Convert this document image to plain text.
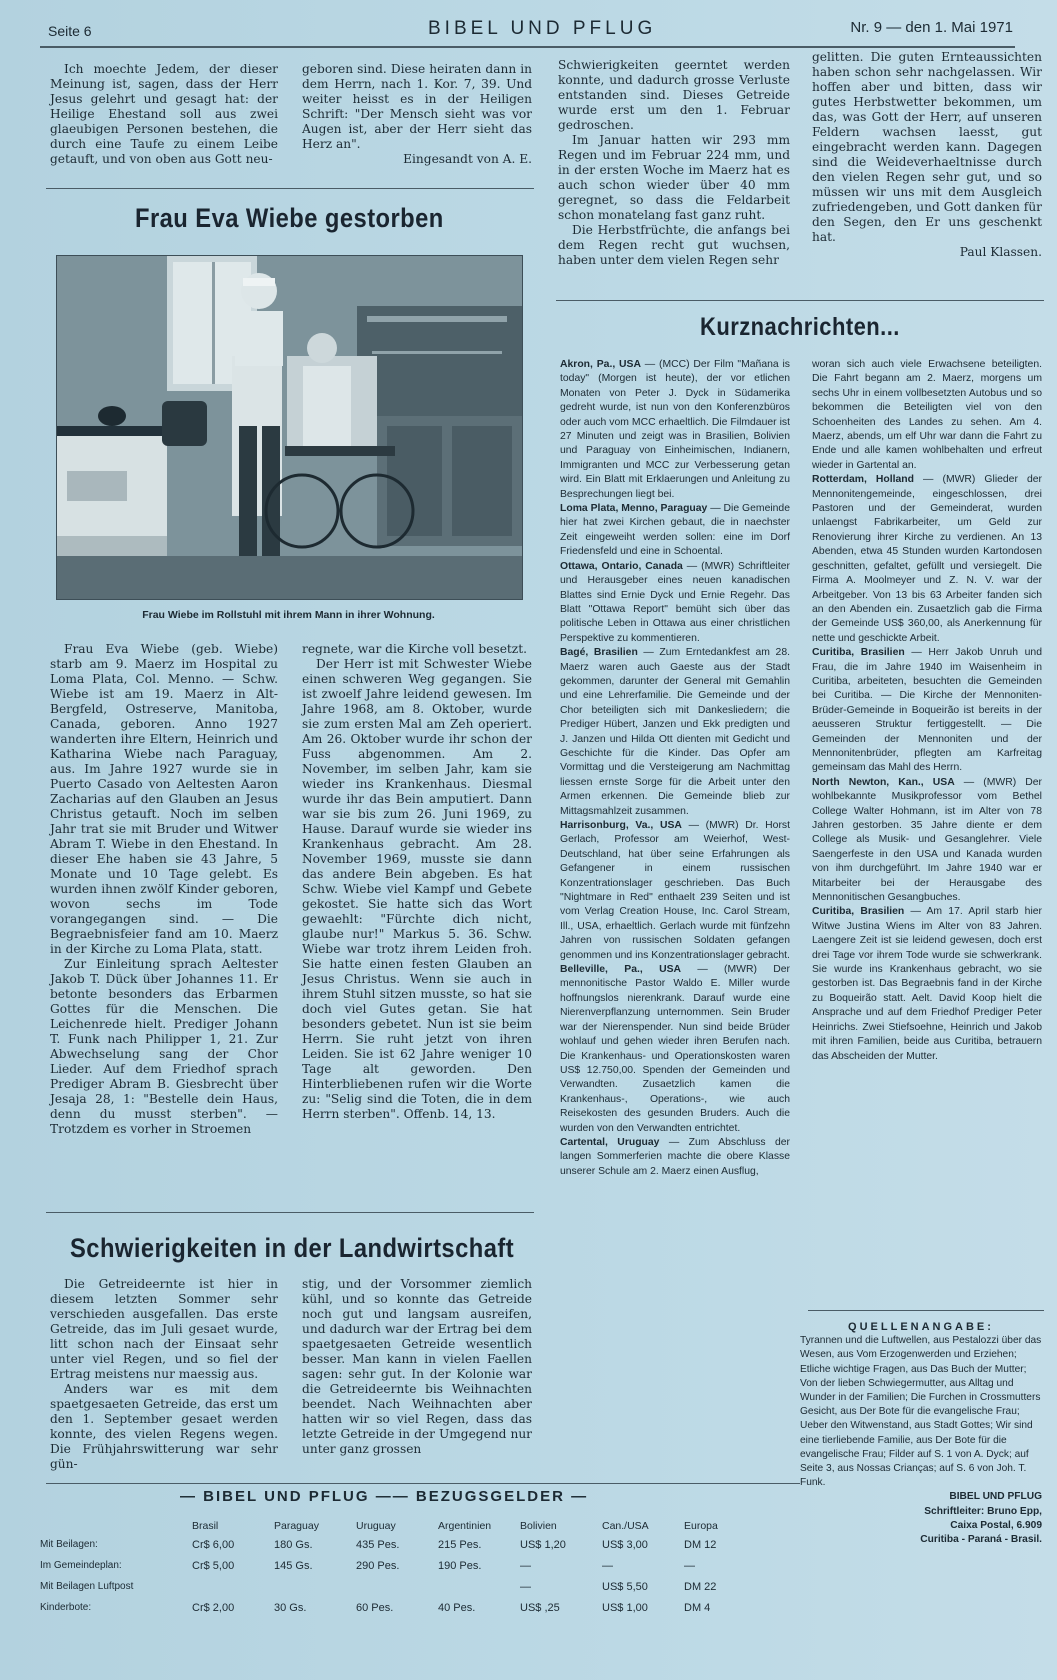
Seite 6	BIBEL UND PFLUG	Nr. 9 — den 1. Mai 1971

Ich moechte Jedem, der dieser Meinung ist, sagen, dass der Herr Jesus gelehrt und gesagt hat: der Heilige Ehestand soll aus zwei glaeubigen Personen bestehen, die durch eine Taufe zu einem Leibe getauft, und von oben aus Gott neu-

geboren sind. Diese heiraten dann in dem Herrn, nach 1. Kor. 7, 39. Und weiter heisst es in der Heiligen Schrift: "Der Mensch sieht was vor Augen ist, aber der Herr sieht das Herz an".

Eingesandt von A. E.

Schwierigkeiten geerntet werden konnte, und dadurch grosse Verluste entstanden sind. Dieses Getreide wurde erst um den 1. Februar gedroschen.

Im Januar hatten wir 293 mm Regen und im Februar 224 mm, und in der ersten Woche im Maerz hat es auch schon wieder über 40 mm geregnet, so dass die Feldarbeit schon monatelang fast ganz ruht.

Die Herbstfrüchte, die anfangs bei dem Regen recht gut wuchsen, haben unter dem vielen Regen sehr

gelitten. Die guten Ernteaussichten haben schon sehr nachgelassen. Wir hoffen aber und bitten, dass wir gutes Herbstwetter bekommen, um das, was Gott der Herr, auf unseren Feldern wachsen laesst, gut eingebracht werden kann. Dagegen sind die Weideverhaeltnisse durch den vielen Regen sehr gut, und so müssen wir uns mit dem Ausgleich zufriedengeben, und Gott danken für den Segen, den Er uns geschenkt hat.

Paul Klassen.
Frau Eva Wiebe gestorben
Frau Wiebe im Rollstuhl mit ihrem Mann in ihrer Wohnung.

Frau Eva Wiebe (geb. Wiebe) starb am 9. Maerz im Hospital zu Loma Plata, Col. Menno. — Schw. Wiebe ist am 19. Maerz in Alt-Bergfeld, Ostreserve, Manitoba, Canada, geboren. Anno 1927 wanderten ihre Eltern, Heinrich und Katharina Wiebe nach Paraguay, aus. Im Jahre 1927 wurde sie in Puerto Casado von Aeltesten Aaron Zacharias auf den Glauben an Jesus Christus getauft. Noch im selben Jahr trat sie mit Bruder und Witwer Abram T. Wiebe in den Ehestand. In dieser Ehe haben sie 43 Jahre, 5 Monate und 10 Tage gelebt. Es wurden ihnen zwölf Kinder geboren, wovon sechs im Tode vorangegangen sind. — Die Begraebnisfeier fand am 10. Maerz in der Kirche zu Loma Plata, statt.

Zur Einleitung sprach Aeltester Jakob T. Dück über Johannes 11. Er betonte besonders das Erbarmen Gottes für die Menschen. Die Leichenrede hielt. Prediger Johann T. Funk nach Philipper 1, 21. Zur Abwechselung sang der Chor Lieder. Auf dem Friedhof sprach Prediger Abram B. Giesbrecht über Jesaja 28, 1: "Bestelle dein Haus, denn du musst sterben". — Trotzdem es vorher in Stroemen

regnete, war die Kirche voll besetzt.

Der Herr ist mit Schwester Wiebe einen schweren Weg gegangen. Sie ist zwoelf Jahre leidend gewesen. Im Jahre 1968, am 8. Oktober, wurde sie zum ersten Mal am Zeh operiert. Am 26. Oktober wurde ihr schon der Fuss abgenommen. Am 2. November, im selben Jahr, kam sie wieder ins Krankenhaus. Diesmal wurde ihr das Bein amputiert. Dann war sie bis zum 26. Juni 1969, zu Hause. Darauf wurde sie wieder ins Krankenhaus gebracht. Am 28. November 1969, musste sie dann das andere Bein abgeben. Es hat Schw. Wiebe viel Kampf und Gebete gekostet. Sie hatte sich das Wort gewaehlt: "Fürchte dich nicht, glaube nur!" Markus 5. 36. Schw. Wiebe war trotz ihrem Leiden froh. Sie hatte einen festen Glauben an Jesus Christus. Wenn sie auch in ihrem Stuhl sitzen musste, so hat sie doch viel Gutes getan. Sie hat besonders gebetet. Nun ist sie beim Herrn. Sie ruht jetzt von ihren Leiden. Sie ist 62 Jahre weniger 10 Tage alt geworden. Den Hinterbliebenen rufen wir die Worte zu: "Selig sind die Toten, die in dem Herrn sterben". Offenb. 14, 13.

Schwierigkeiten in der Landwirtschaft

Die Getreideernte ist hier in diesem letzten Sommer sehr verschieden ausgefallen. Das erste Getreide, das im Juli gesaet wurde, litt schon nach der Einsaat sehr unter viel Regen, und so fiel der Ertrag meistens nur maessig aus.

Anders war es mit dem spaetgesaeten Getreide, das erst um den 1. September gesaet werden konnte, des vielen Regens wegen. Die Frühjahrswitterung war sehr gün-

stig, und der Vorsommer ziemlich kühl, und so konnte das Getreide noch gut und langsam ausreifen, und dadurch war der Ertrag bei dem spaetgesaeten Getreide wesentlich besser. Man kann in vielen Faellen sagen: sehr gut. In der Kolonie war die Getreideernte bis Weihnachten beendet. Nach Weihnachten aber hatten wir so viel Regen, dass das letzte Getreide in der Umgegend nur unter ganz grossen

Kurznachrichten...

Akron, Pa., USA — (MCC) Der Film "Mañana is today" (Morgen ist heute), der vor etlichen Monaten von Peter J. Dyck in Südamerika gedreht wurde, ist nun von den Konferenzbüros oder auch vom MCC erhaeltlich. Die Filmdauer ist 27 Minuten und zeigt was in Brasilien, Bolivien und Paraguay von Einheimischen, Indianern, Immigranten und MCC zur Verbesserung getan wird. Ein Blatt mit Erklaerungen und Anleitung zu Besprechungen liegt bei.

Loma Plata, Menno, Paraguay — Die Gemeinde hier hat zwei Kirchen gebaut, die in naechster Zeit eingeweiht werden sollen: eine im Dorf Friedensfeld und eine in Schoental.

Ottawa, Ontario, Canada — (MWR) Schriftleiter und Herausgeber eines neuen kanadischen Blattes sind Ernie Dyck und Ernie Regehr. Das Blatt "Ottawa Report" bemüht sich über das politische Leben in Ottawa aus einer christlichen Perspektive zu kommentieren.

Bagé, Brasilien — Zum Erntedankfest am 28. Maerz waren auch Gaeste aus der Stadt gekommen, darunter der General mit Gemahlin und eine Lehrerfamilie. Die Gemeinde und der Chor beteiligten sich mit Dankesliedern; die Prediger Hübert, Janzen und Ekk predigten und J. Janzen und Hilda Ott dienten mit Gedicht und Geschichte für die Kinder. Das Opfer am Vormittag und die Versteigerung am Nachmittag liessen ernste Sorge für die Arbeit unter den Armen erkennen. Die Gemeinde blieb zur Mittagsmahlzeit zusammen.

Harrisonburg, Va., USA — (MWR) Dr. Horst Gerlach, Professor am Weierhof, West-Deutschland, hat über seine Erfahrungen als Gefangener in einem russischen Konzentrationslager geschrieben. Das Buch "Nightmare in Red" enthaelt 239 Seiten und ist vom Verlag Creation House, Inc. Carol Stream, Ill., USA, erhaeltlich. Gerlach wurde mit fünfzehn Jahren von russischen Soldaten gefangen genommen und ins Konzentrationslager gebracht.

Belleville, Pa., USA — (MWR) Der mennonitische Pastor Waldo E. Miller wurde hoffnungslos nierenkrank. Darauf wurde eine Nierenverpflanzung unternommen. Sein Bruder war der Nierenspender. Nun sind beide Brüder wohlauf und gehen wieder ihren Berufen nach. Die Krankenhaus- und Operationskosten waren US$ 12.750,00. Spenden der Gemeinden und Verwandten. Zusaetzlich kamen die Krankenhaus-, Operations-, wie auch Reisekosten des gesunden Bruders. Auch die wurden von den Verwandten entrichtet.

Cartental, Uruguay — Zum Abschluss der langen Sommerferien machte die obere Klasse unserer Schule am 2. Maerz einen Ausflug,

woran sich auch viele Erwachsene beteiligten. Die Fahrt begann am 2. Maerz, morgens um sechs Uhr in einem vollbesetzten Autobus und so bekommen die Beteiligten viel von den Schoenheiten des Landes zu sehen. Am 4. Maerz, abends, um elf Uhr war dann die Fahrt zu Ende und alle kamen wohlbehalten und erfreut wieder in Gartental an.

Rotterdam, Holland — (MWR) Glieder der Mennonitengemeinde, eingeschlossen, drei Pastoren und der Gemeinderat, wurden unlaengst Fabrikarbeiter, um Geld zur Renovierung ihrer Kirche zu verdienen. An 13 Abenden, etwa 45 Stunden wurden Kartondosen geschnitten, gefaltet, gefüllt und versiegelt. Die Firma A. Moolmeyer und Z. N. V. war der Arbeitgeber. Von 13 bis 63 Arbeiter fanden sich an den Abenden ein. Zusaetzlich gab die Firma der Gemeinde US$ 360,00, als Anerkennung für nette und geschickte Arbeit.

Curitiba, Brasilien — Herr Jakob Unruh und Frau, die im Jahre 1940 im Waisenheim in Curitiba, arbeiteten, besuchten die Gemeinden bei Curitiba. — Die Kirche der Mennoniten-Brüder-Gemeinde in Boqueirão ist bereits in der aeusseren Struktur fertiggestellt. — Die Gemeinden der Mennoniten und der Mennonitenbrüder, pflegten am Karfreitag gemeinsam das Mahl des Herrn.

North Newton, Kan., USA — (MWR) Der wohlbekannte Musikprofessor vom Bethel College Walter Hohmann, ist im Alter von 78 Jahren gestorben. 35 Jahre diente er dem College als Musik- und Gesanglehrer. Viele Saengerfeste in den USA und Kanada wurden von ihm durchgeführt. Im Jahre 1940 war er Mitarbeiter bei der Herausgabe des Mennonitischen Gesangbuches.

Curitiba, Brasilien — Am 17. April starb hier Witwe Justina Wiens im Alter von 83 Jahren. Laengere Zeit ist sie leidend gewesen, doch erst drei Tage vor ihrem Tode wurde sie schwerkrank. Sie wurde ins Krankenhaus gebracht, wo sie gestorben ist. Das Begraebnis fand in der Kirche zu Boqueirão statt. Aelt. David Koop hielt die Ansprache und auf dem Friedhof Prediger Peter Heinrichs. Zwei Stiefsoehne, Heinrich und Jakob mit ihren Familien, beide aus Curitiba, betrauern das Abscheiden der Mutter.

QUELLENANGABE:
Tyrannen und die Luftwellen, aus Pestalozzi über das Wesen, aus Vom Erzogenwerden und Erziehen; Etliche wichtige Fragen, aus Das Buch der Mutter; Von der lieben Schwiegermutter, aus Alltag und Wunder in der Familien; Die Furchen in Crossmutters Gesicht, aus Der Bote für die evangelische Frau; Ueber den Witwenstand, aus Stadt Gottes; Wir sind eine tierliebende Familie, aus Der Bote für die evangelische Frau; Filder auf S. 1 von A. Dyck; auf Seite 3, aus Nossas Crianças; auf S. 6 von Joh. T. Funk.
BIBEL UND PFLUG
Schriftleiter: Bruno Epp,
Caixa Postal, 6.909
Curitiba - Paraná - Brasil.
— BIBEL UND PFLUG —— BEZUGSGELDER —
	Brasil	Paraguay	Uruguay	Argentinien	Bolivien	Can./USA	Europa
Mit Beilagen:	Cr$ 6,00	180 Gs.	435 Pes.	215 Pes.	US$ 1,20	US$ 3,00	DM 12
Im Gemeindeplan:	Cr$ 5,00	145 Gs.	290 Pes.	190 Pes.	—	—	—
Mit Beilagen Luftpost					—	US$ 5,50	DM 22
Kinderbote:	Cr$ 2,00	30 Gs.	60 Pes.	40 Pes.	US$ ,25	US$ 1,00	DM 4
